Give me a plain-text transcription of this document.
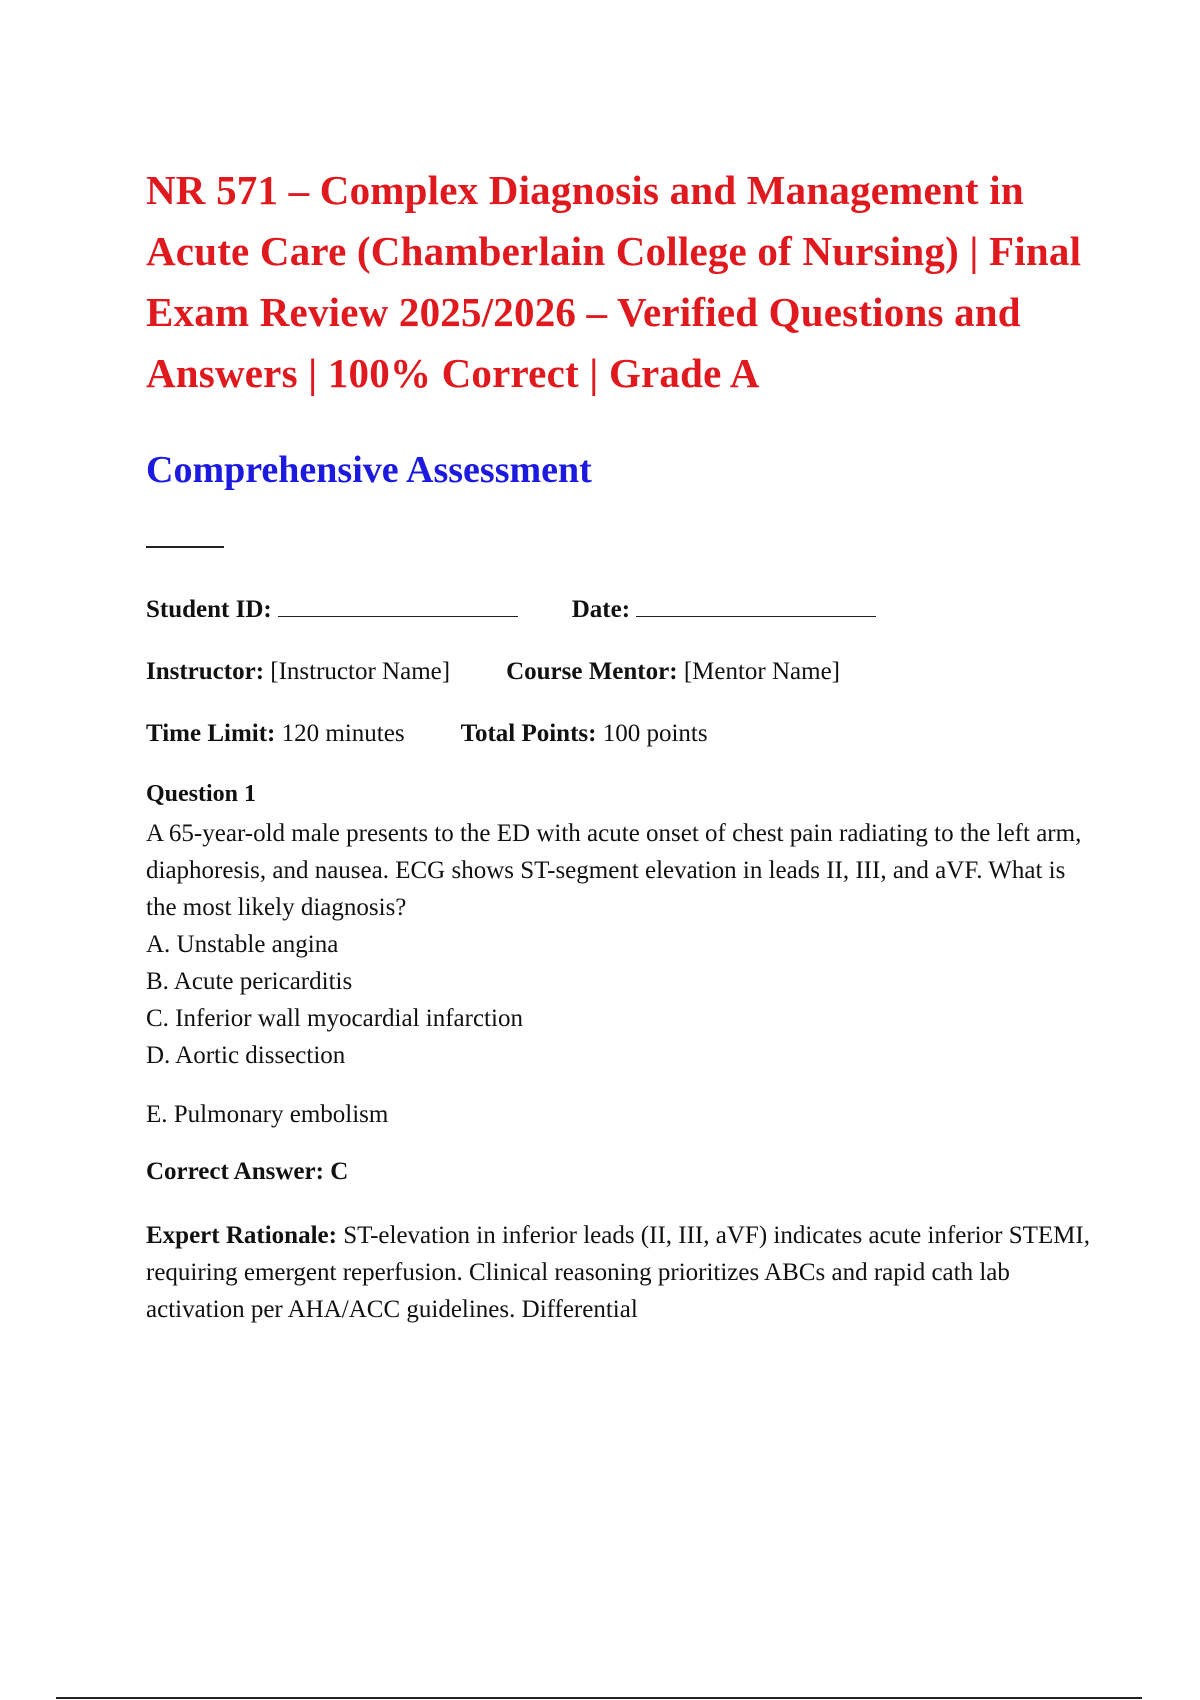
NR 571 – Complex Diagnosis and Management in Acute Care (Chamberlain College of Nursing) | Final Exam Review 2025/2026 – Verified Questions and Answers | 100% Correct | Grade A
Comprehensive Assessment
Student ID:	Date:
Instructor: [Instructor Name] Course Mentor: [Mentor Name]
Time Limit: 120 minutes Total Points: 100 points
Question 1
A 65-year-old male presents to the ED with acute onset of chest pain radiating to the left arm, diaphoresis, and nausea. ECG shows ST-segment elevation in leads II, III, and aVF. What is the most likely diagnosis?
A. Unstable angina
B. Acute pericarditis
C. Inferior wall myocardial infarction
D. Aortic dissection
E. Pulmonary embolism
Correct Answer: C
Expert Rationale: ST-elevation in inferior leads (II, III, aVF) indicates acute inferior STEMI, requiring emergent reperfusion. Clinical reasoning prioritizes ABCs and rapid cath lab activation per AHA/ACC guidelines. Differential
